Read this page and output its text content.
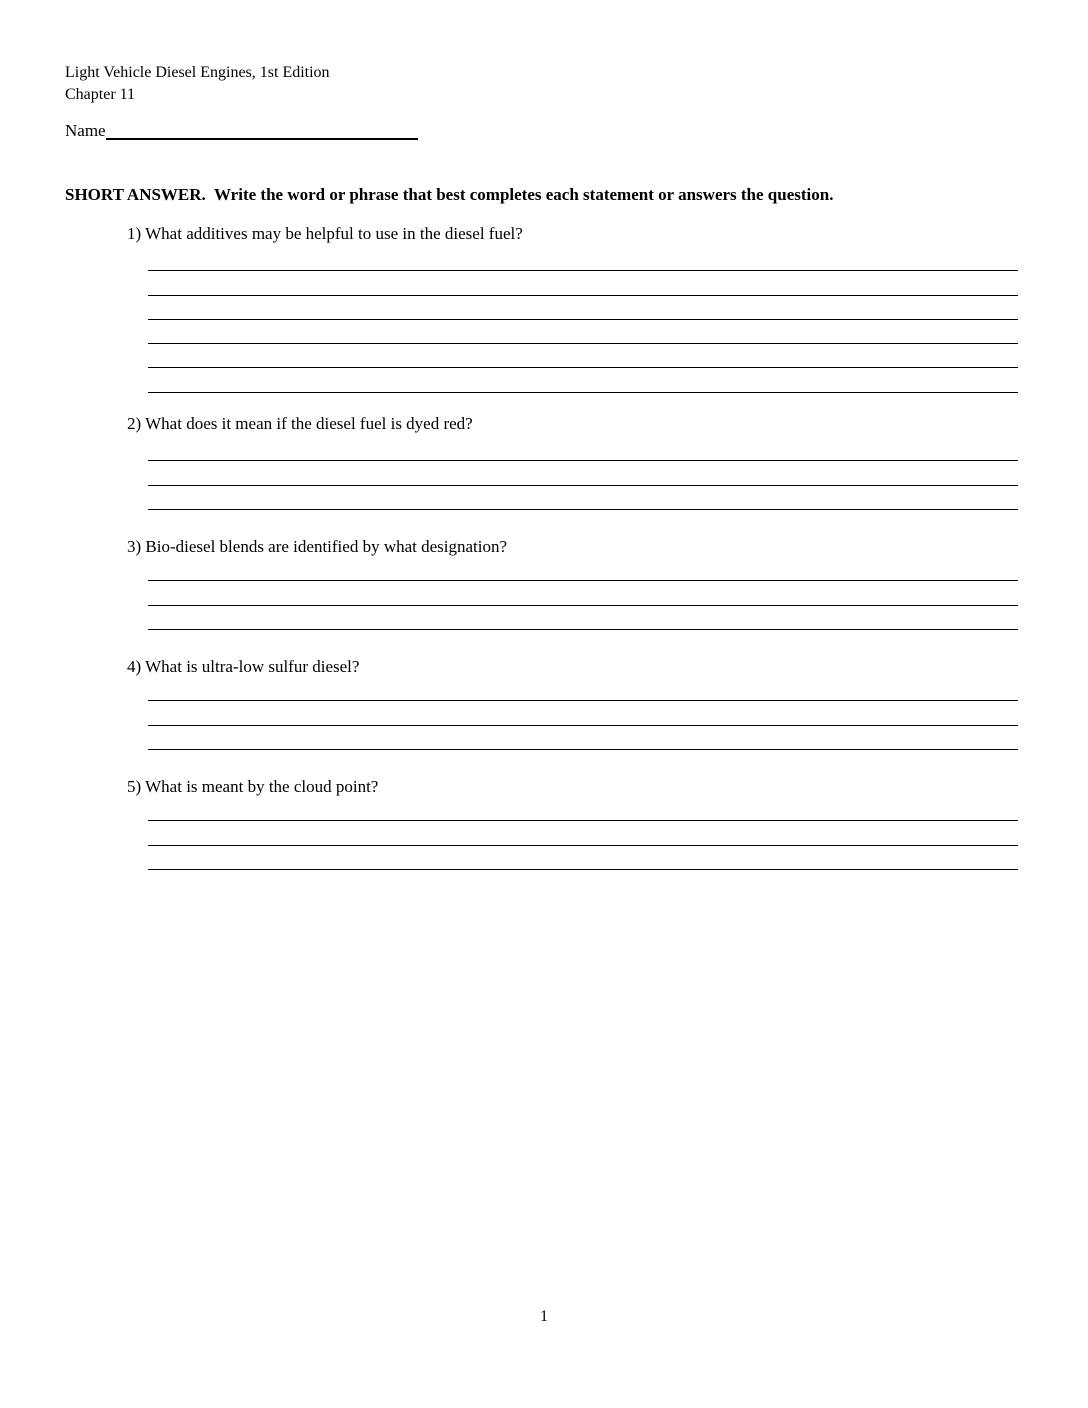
Light Vehicle Diesel Engines, 1st Edition
Chapter 11
Name
SHORT ANSWER.  Write the word or phrase that best completes each statement or answers the question.

1) What additives may be helpful to use in the diesel fuel?

2) What does it mean if the diesel fuel is dyed red?

3) Bio-diesel blends are identified by what designation?

4) What is ultra-low sulfur diesel?

5) What is meant by the cloud point?

1
